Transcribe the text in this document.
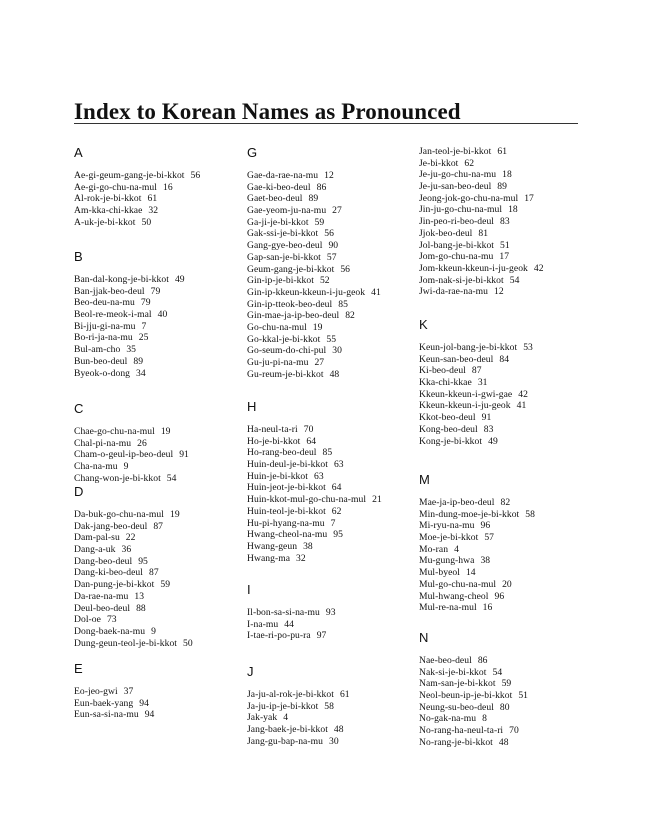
Index to Korean Names as Pronounced
A
Ae-gi-geum-gang-je-bi-kkot 56
Ae-gi-go-chu-na-mul 16
Al-rok-je-bi-kkot 61
Am-kka-chi-kkae 32
A-uk-je-bi-kkot 50
B
Ban-dal-kong-je-bi-kkot 49
Ban-jjak-beo-deul 79
Beo-deu-na-mu 79
Beol-re-meok-i-mal 40
Bi-jju-gi-na-mu 7
Bo-ri-ja-na-mu 25
Bul-am-cho 35
Bun-beo-deul 89
Byeok-o-dong 34
C
Chae-go-chu-na-mul 19
Chal-pi-na-mu 26
Cham-o-geul-ip-beo-deul 91
Cha-na-mu 9
Chang-won-je-bi-kkot 54
D
Da-buk-go-chu-na-mul 19
Dak-jang-beo-deul 87
Dam-pal-su 22
Dang-a-uk 36
Dang-beo-deul 95
Dang-ki-beo-deul 87
Dan-pung-je-bi-kkot 59
Da-rae-na-mu 13
Deul-beo-deul 88
Dol-oe 73
Dong-baek-na-mu 9
Dung-geun-teol-je-bi-kkot 50
E
Eo-jeo-gwi 37
Eun-baek-yang 94
Eun-sa-si-na-mu 94
G
Gae-da-rae-na-mu 12
Gae-ki-beo-deul 86
Gaet-beo-deul 89
Gae-yeom-ju-na-mu 27
Ga-ji-je-bi-kkot 59
Gak-ssi-je-bi-kkot 56
Gang-gye-beo-deul 90
Gap-san-je-bi-kkot 57
Geum-gang-je-bi-kkot 56
Gin-ip-je-bi-kkot 52
Gin-ip-kkeun-kkeun-i-ju-geok 41
Gin-ip-tteok-beo-deul 85
Gin-mae-ja-ip-beo-deul 82
Go-chu-na-mul 19
Go-kkal-je-bi-kkot 55
Go-seum-do-chi-pul 30
Gu-ju-pi-na-mu 27
Gu-reum-je-bi-kkot 48
H
Ha-neul-ta-ri 70
Ho-je-bi-kkot 64
Ho-rang-beo-deul 85
Huin-deul-je-bi-kkot 63
Huin-je-bi-kkot 63
Huin-jeot-je-bi-kkot 64
Huin-kkot-mul-go-chu-na-mul 21
Huin-teol-je-bi-kkot 62
Hu-pi-hyang-na-mu 7
Hwang-cheol-na-mu 95
Hwang-geun 38
Hwang-ma 32
I
Il-bon-sa-si-na-mu 93
I-na-mu 44
I-tae-ri-po-pu-ra 97
J
Ja-ju-al-rok-je-bi-kkot 61
Ja-ju-ip-je-bi-kkot 58
Jak-yak 4
Jang-baek-je-bi-kkot 48
Jang-gu-bap-na-mu 30
Jan-teol-je-bi-kkot 61
Je-bi-kkot 62
Je-ju-go-chu-na-mu 18
Je-ju-san-beo-deul 89
Jeong-jok-go-chu-na-mul 17
Jin-ju-go-chu-na-mul 18
Jin-peo-ri-beo-deul 83
Jjok-beo-deul 81
Jol-bang-je-bi-kkot 51
Jom-go-chu-na-mu 17
Jom-kkeun-kkeun-i-ju-geok 42
Jom-nak-si-je-bi-kkot 54
Jwi-da-rae-na-mu 12
K
Keun-jol-bang-je-bi-kkot 53
Keun-san-beo-deul 84
Ki-beo-deul 87
Kka-chi-kkae 31
Kkeun-kkeun-i-gwi-gae 42
Kkeun-kkeun-i-ju-geok 41
Kkot-beo-deul 91
Kong-beo-deul 83
Kong-je-bi-kkot 49
M
Mae-ja-ip-beo-deul 82
Min-dung-moe-je-bi-kkot 58
Mi-ryu-na-mu 96
Moe-je-bi-kkot 57
Mo-ran 4
Mu-gung-hwa 38
Mul-byeol 14
Mul-go-chu-na-mul 20
Mul-hwang-cheol 96
Mul-re-na-mul 16
N
Nae-beo-deul 86
Nak-si-je-bi-kkot 54
Nam-san-je-bi-kkot 59
Neol-beun-ip-je-bi-kkot 51
Neung-su-beo-deul 80
No-gak-na-mu 8
No-rang-ha-neul-ta-ri 70
No-rang-je-bi-kkot 48
